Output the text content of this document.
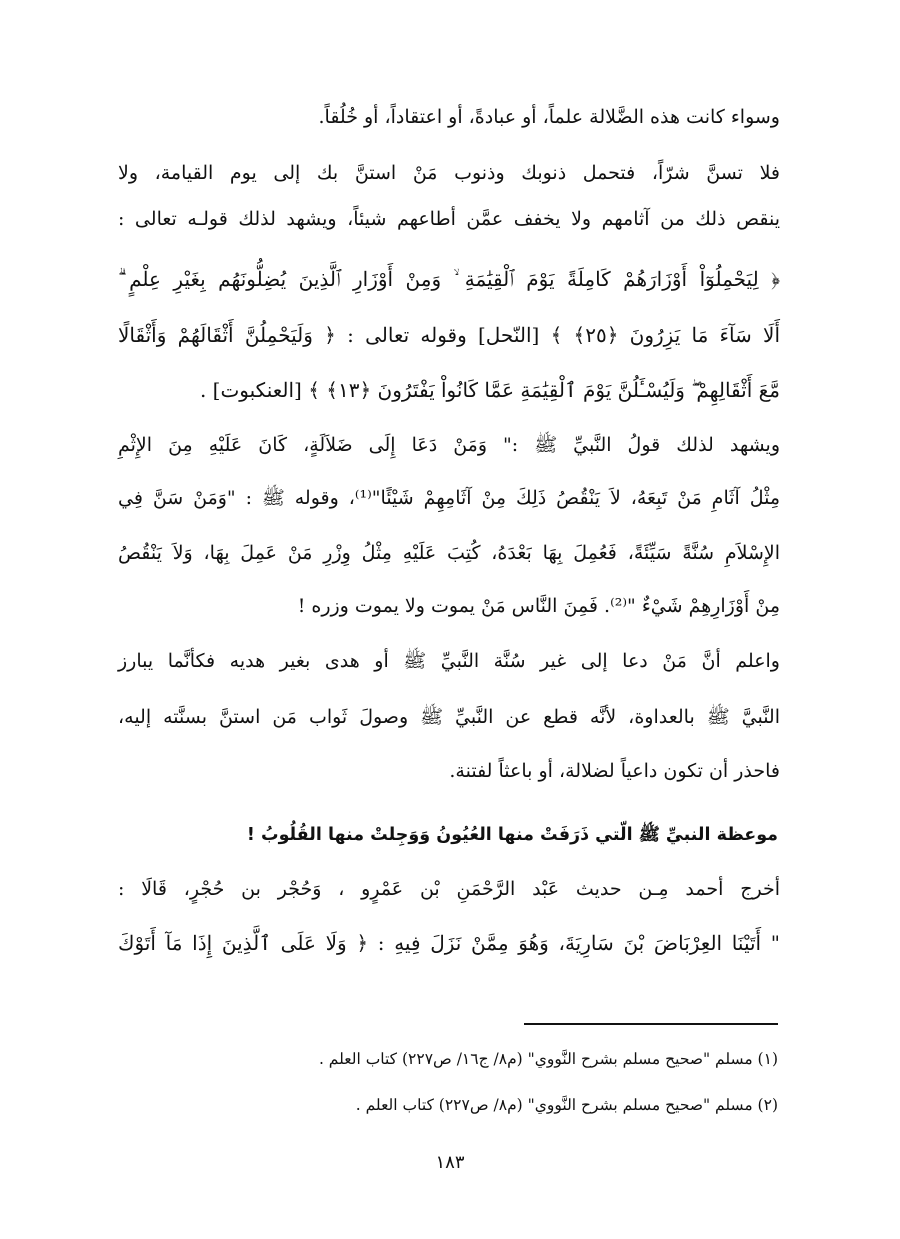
وسواء كانت هذه الضَّلالة علماً، أو عبادةً، أو اعتقاداً، أو خُلُقاً.
فلا تسنَّ شرّاً، فتحمل ذنوبك وذنوب مَنْ استنَّ بك إلى يوم القيامة، ولا
ينقص ذلك من آثامهم ولا يخفف عمَّن أطاعهم شيئاً، ويشهد لذلك قولـه تعالى :
﴿ لِيَحْمِلُوٓاْ أَوْزَارَهُمْ كَامِلَةً يَوْمَ ٱلْقِيَٰمَةِ ۙ وَمِنْ أَوْزَارِ ٱلَّذِينَ يُضِلُّونَهُم بِغَيْرِ عِلْمٍ ۗ
أَلَا سَآءَ مَا يَزِرُونَ ﴿٢٥﴾ ﴾ [النّحل] وقوله تعالى : ﴿ وَلَيَحْمِلُنَّ أَثْقَالَهُمْ وَأَثْقَالًا
مَّعَ أَثْقَالِهِمْ ۖ وَلَيُسْـَٔلُنَّ يَوْمَ ٱلْقِيَٰمَةِ عَمَّا كَانُواْ يَفْتَرُونَ ﴿١٣﴾ ﴾ [العنكبوت] .
ويشهد لذلك قولُ النَّبيِّ ﷺ :" وَمَنْ دَعَا إِلَى ضَلاَلَةٍ، كَانَ عَلَيْهِ مِنَ الإِثْمِ
مِثْلُ آثَامِ مَنْ تَبِعَهُ، لاَ يَنْقُصُ ذَلِكَ مِنْ آثَامِهِمْ شَيْئًا"⁽¹⁾، وقوله ﷺ : "وَمَنْ سَنَّ فِي
الإِسْلاَمِ سُنَّةً سَيِّئَةً، فَعُمِلَ بِهَا بَعْدَهُ، كُتِبَ عَلَيْهِ مِثْلُ وِزْرِ مَنْ عَمِلَ بِهَا، وَلاَ يَنْقُصُ
مِنْ أَوْزَارِهِمْ شَيْءٌ "⁽²⁾. فَمِنَ النَّاس مَنْ يموت ولا يموت وزره !
واعلم أنَّ مَنْ دعا إلى غير سُنَّة النَّبيِّ ﷺ أو هدى بغير هديه فكأنَّما يبارز
النَّبيَّ ﷺ بالعداوة، لأنَّه قطع عن النَّبيِّ ﷺ وصولَ ثَواب مَن استنَّ بسنَّته إليه،
فاحذر أن تكون داعياً لضلالة، أو باعثاً لفتنة.
موعظة النبيِّ ﷺ الّتي ذَرَفَتْ منها العُيُونُ وَوَجِلتْ منها القُلُوبُ !
أخرج أحمد مِـن حديث عَبْد الرَّحْمَنِ بْن عَمْرٍو ، وَحُجْر بن حُجْرٍ، قَالَا :
" أَتَيْنَا العِرْبَاضَ بْنَ سَارِيَةَ، وَهُوَ مِمَّنْ نَزَلَ فِيهِ : ﴿ وَلَا عَلَى ٱلَّذِينَ إِذَا مَآ أَتَوْكَ
(١) مسلم "صحيح مسلم بشرح النَّووي" (م٨/ ج١٦/ ص٢٢٧) كتاب العلم .
(٢) مسلم "صحيح مسلم بشرح النَّووي" (م٨/ ص٢٢٧) كتاب العلم .
١٨٣
